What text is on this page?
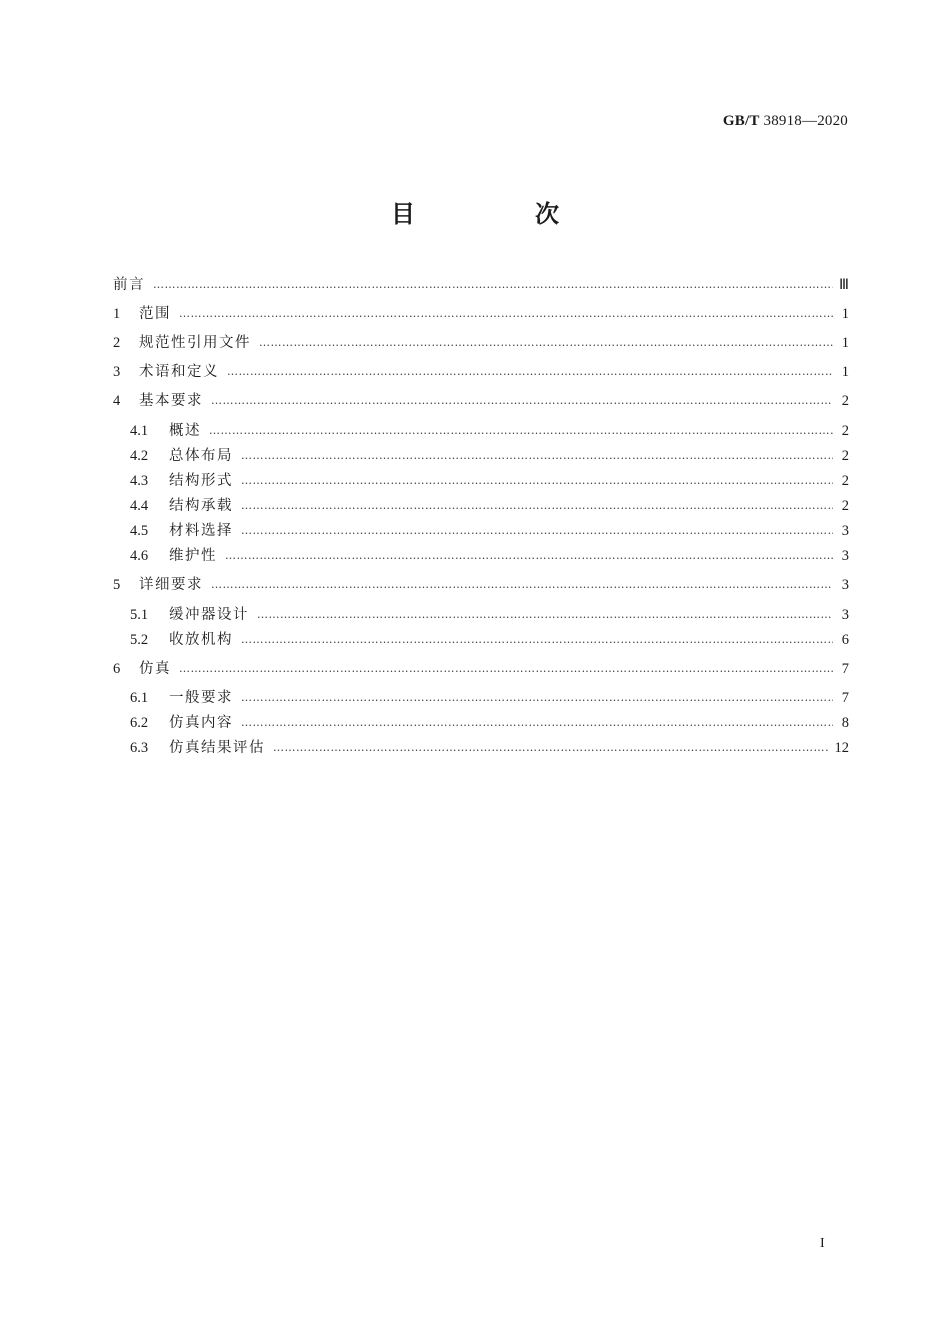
GB/T 38918—2020
目　次
前言 ………………………………………………………………………………………………………………………………………………………………………………………………………………………………………………………………………………………	Ⅲ
1	范围 ………………………………………………………………………………………………………………………………………………………………………………………………………………………………………………………………………………………	1
2	规范性引用文件 ………………………………………………………………………………………………………………………………………………………………………………………………………………………………………………………………………………………	1
3	术语和定义 ………………………………………………………………………………………………………………………………………………………………………………………………………………………………………………………………………………………	1
4	基本要求 ………………………………………………………………………………………………………………………………………………………………………………………………………………………………………………………………………………………	2
4.1	概述 ………………………………………………………………………………………………………………………………………………………………………………………………………………………………………………………………………………………	2
4.2	总体布局 ………………………………………………………………………………………………………………………………………………………………………………………………………………………………………………………………………………………	2
4.3	结构形式 ………………………………………………………………………………………………………………………………………………………………………………………………………………………………………………………………………………………	2
4.4	结构承载 ………………………………………………………………………………………………………………………………………………………………………………………………………………………………………………………………………………………	2
4.5	材料选择 ………………………………………………………………………………………………………………………………………………………………………………………………………………………………………………………………………………………	3
4.6	维护性 ………………………………………………………………………………………………………………………………………………………………………………………………………………………………………………………………………………………	3
5	详细要求 ………………………………………………………………………………………………………………………………………………………………………………………………………………………………………………………………………………………	3
5.1	缓冲器设计 ………………………………………………………………………………………………………………………………………………………………………………………………………………………………………………………………………………………	3
5.2	收放机构 ………………………………………………………………………………………………………………………………………………………………………………………………………………………………………………………………………………………	6
6	仿真 ………………………………………………………………………………………………………………………………………………………………………………………………………………………………………………………………………………………	7
6.1	一般要求 ………………………………………………………………………………………………………………………………………………………………………………………………………………………………………………………………………………………	7
6.2	仿真内容 ………………………………………………………………………………………………………………………………………………………………………………………………………………………………………………………………………………………	8
6.3	仿真结果评估 ………………………………………………………………………………………………………………………………………………………………………………………………………………………………………………………………………………………	12
I
